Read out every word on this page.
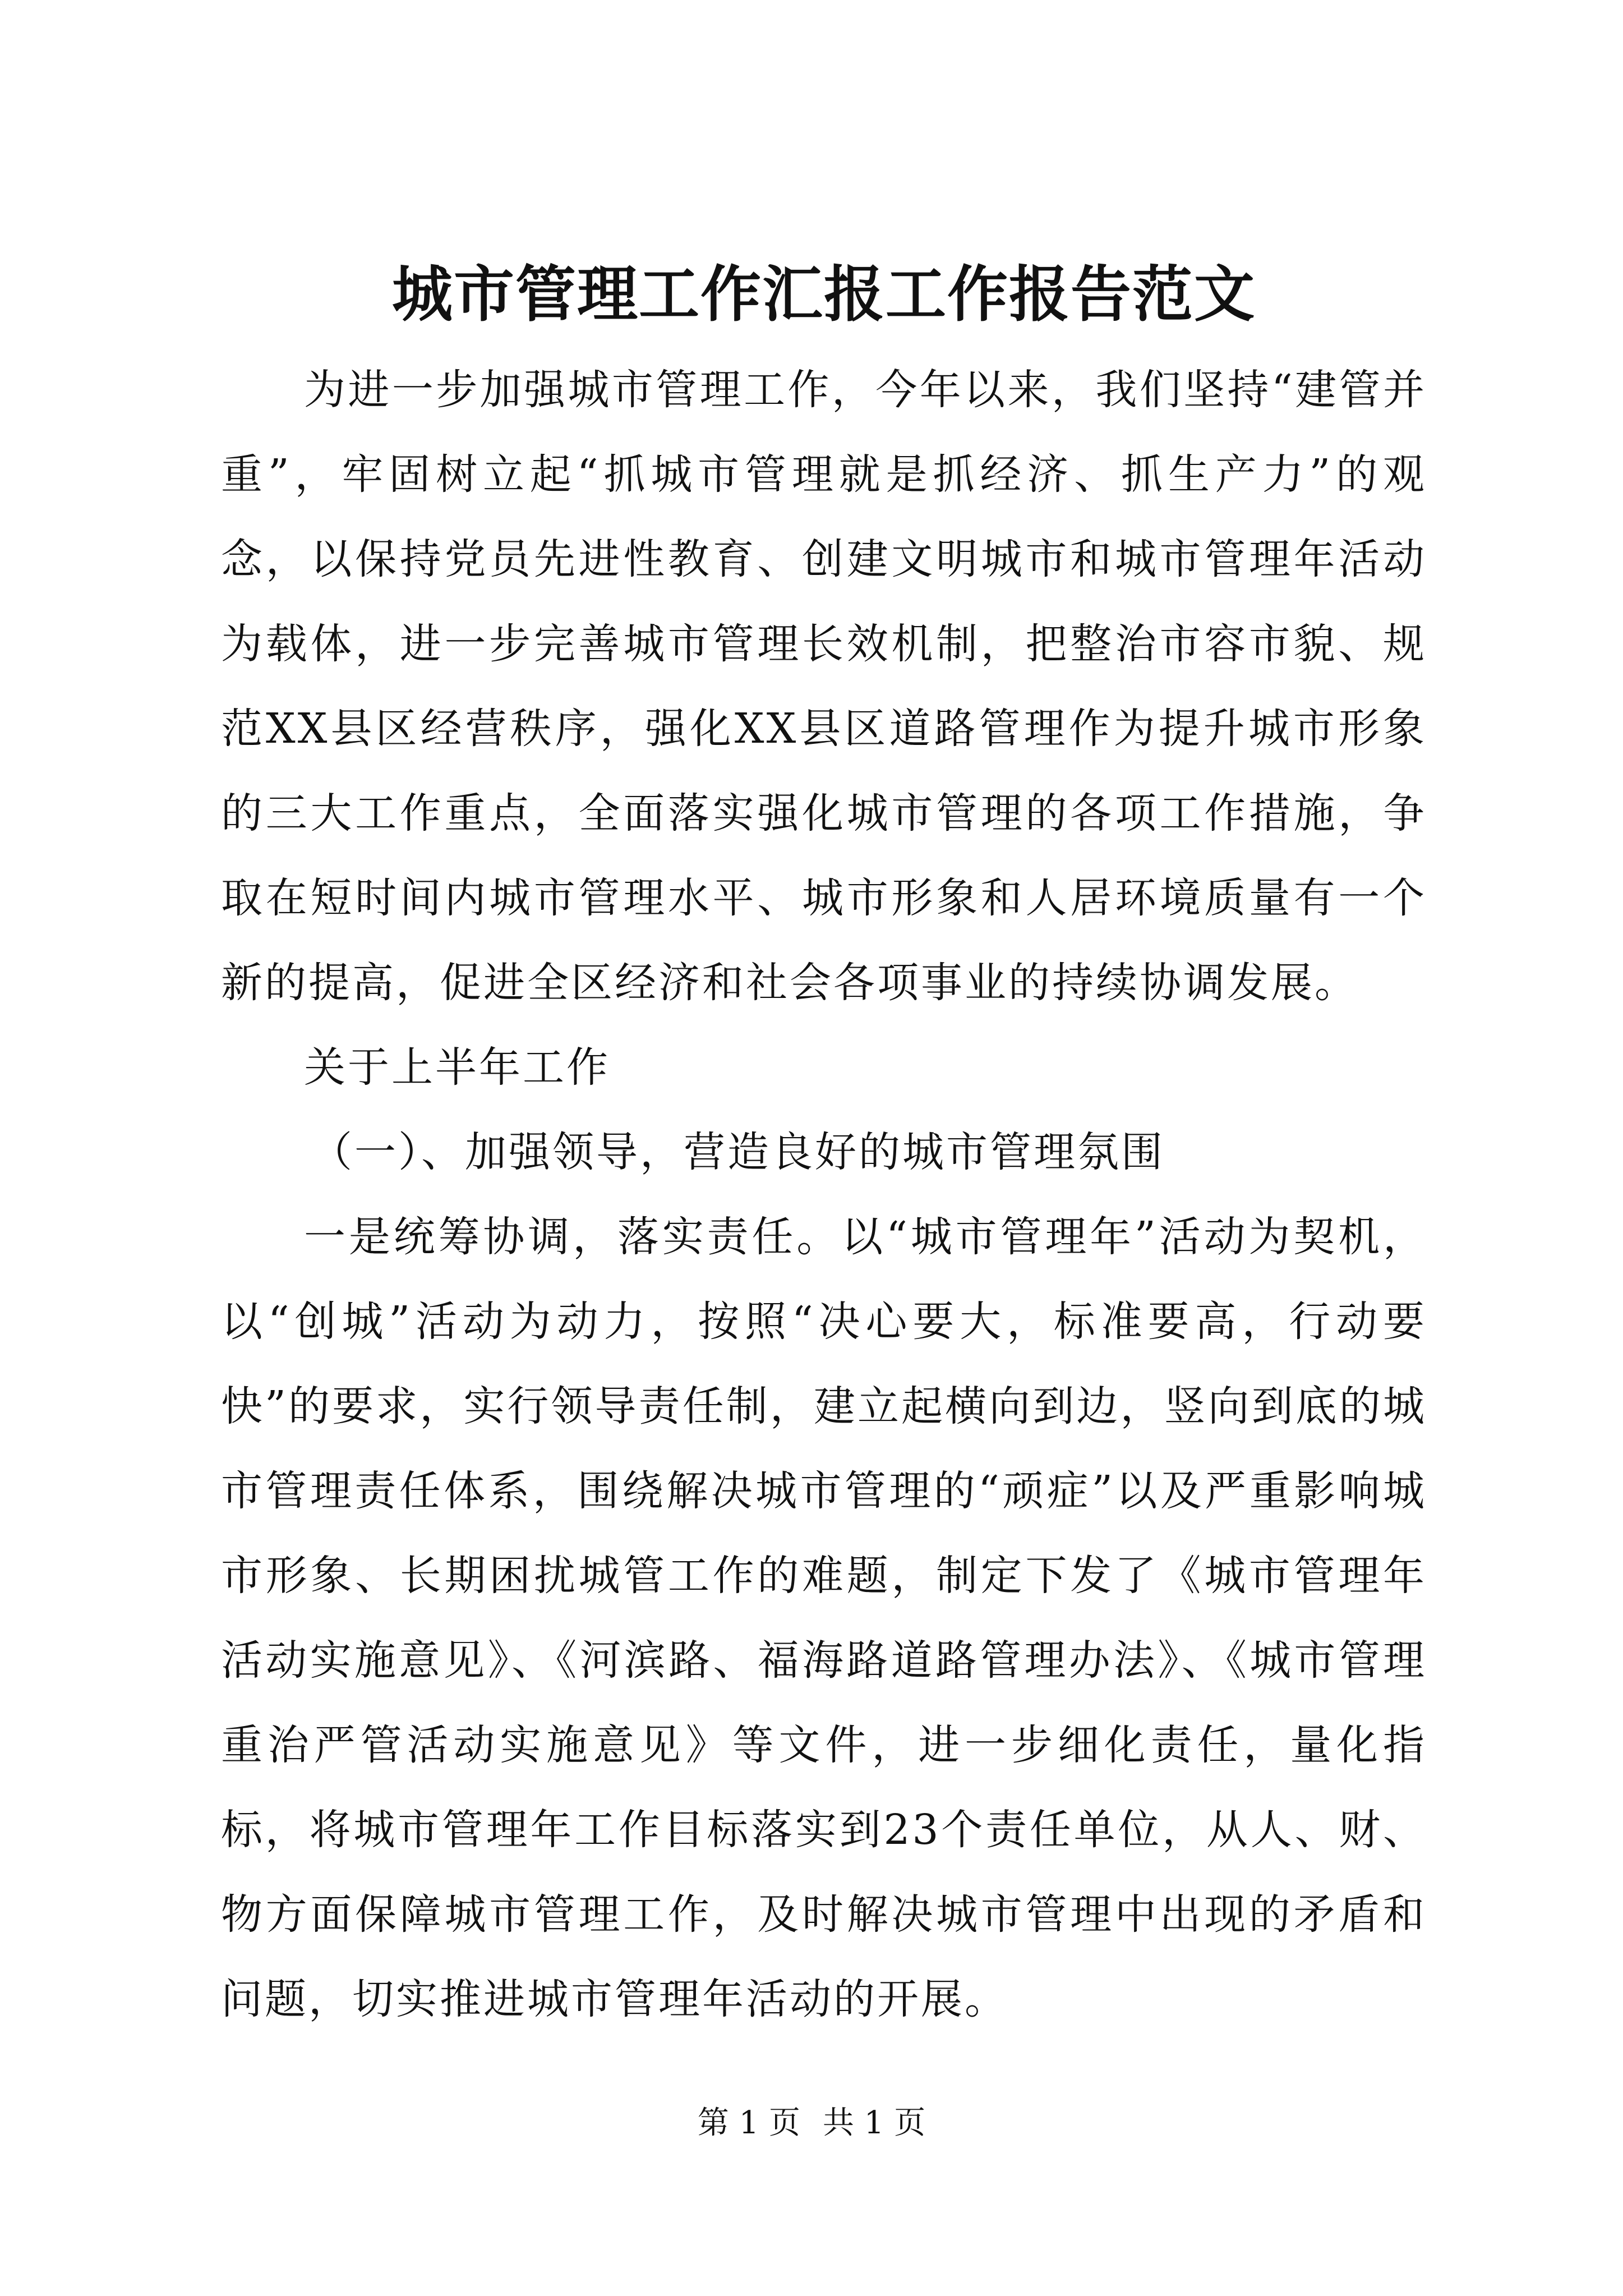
城市管理工作汇报工作报告范文

为进一步加强城市管理工作，今年以来，我们坚持“建管并重”，牢固树立起“抓城市管理就是抓经济、抓生产力”的观念，以保持党员先进性教育、创建文明城市和城市管理年活动为载体，进一步完善城市管理长效机制，把整治市容市貌、规范XX县区经营秩序，强化XX县区道路管理作为提升城市形象的三大工作重点，全面落实强化城市管理的各项工作措施，争取在短时间内城市管理水平、城市形象和人居环境质量有一个新的提高，促进全区经济和社会各项事业的持续协调发展。

关于上半年工作

（一）、加强领导，营造良好的城市管理氛围

一是统筹协调，落实责任。以“城市管理年”活动为契机，以“创城”活动为动力，按照“决心要大，标准要高，行动要快”的要求，实行领导责任制，建立起横向到边，竖向到底的城市管理责任体系，围绕解决城市管理的“顽症”以及严重影响城市形象、长期困扰城管工作的难题，制定下发了《城市管理年活动实施意见》、《河滨路、福海路道路管理办法》、《城市管理重治严管活动实施意见》等文件，进一步细化责任，量化指标，将城市管理年工作目标落实到23个责任单位，从人、财、物方面保障城市管理工作，及时解决城市管理中出现的矛盾和问题，切实推进城市管理年活动的开展。

第 1 页 共 1 页
